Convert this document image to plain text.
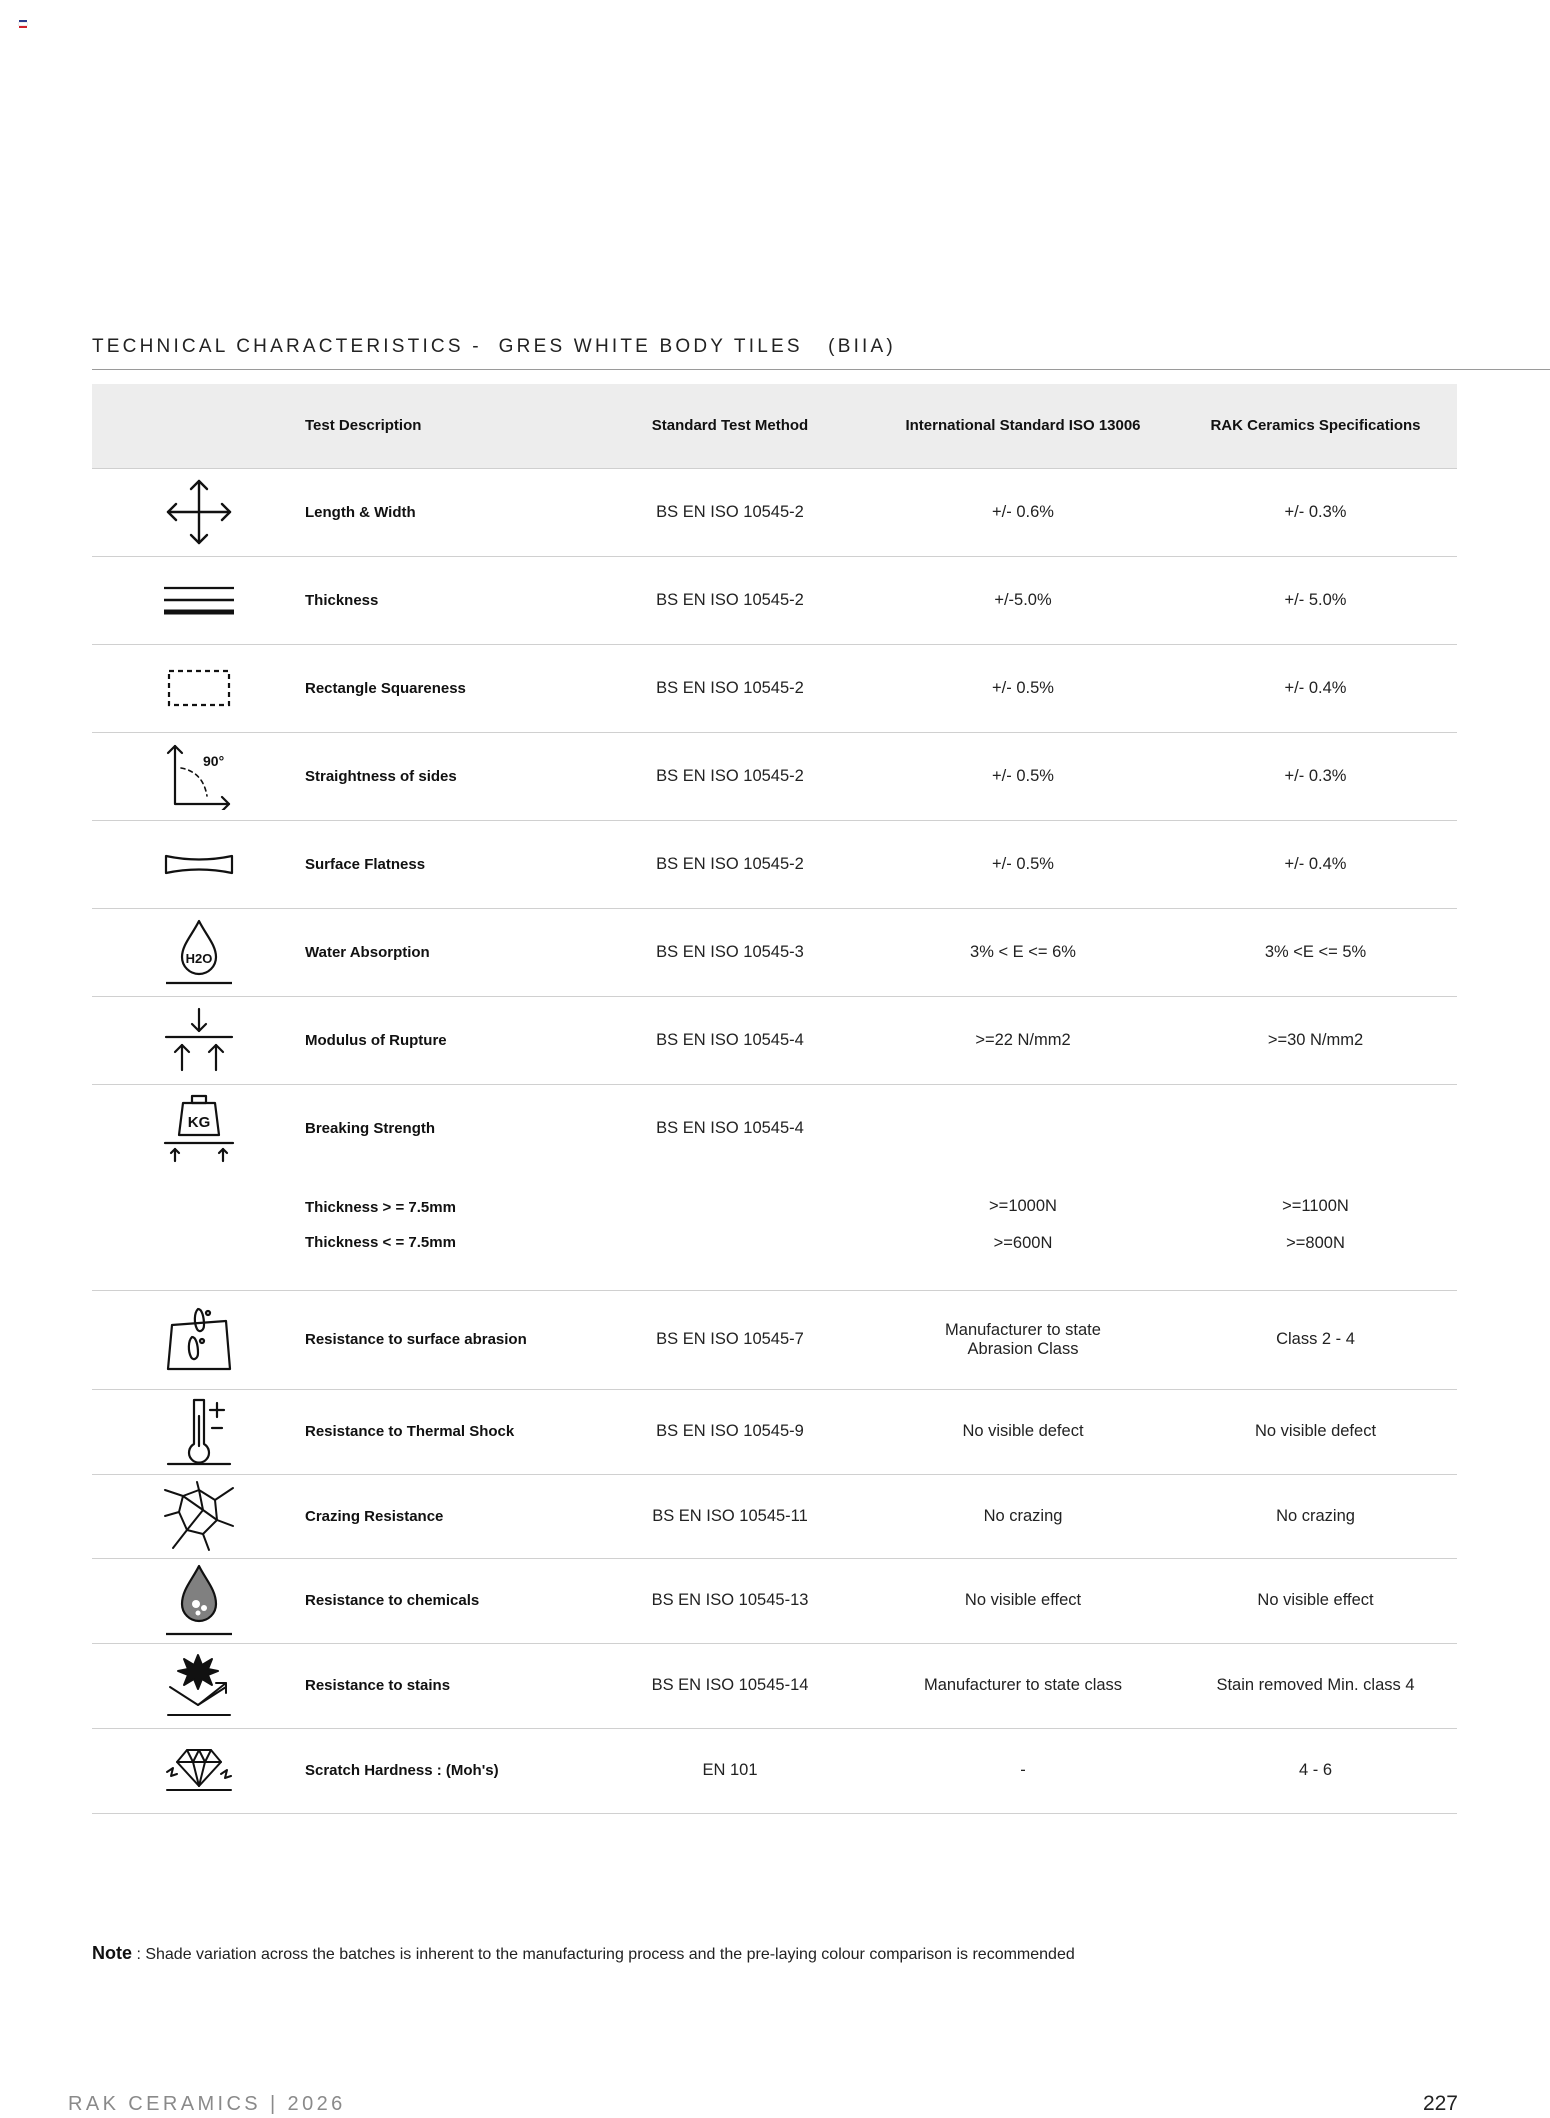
TECHNICAL CHARACTERISTICS -  GRES WHITE BODY TILES   (BIIA)
	Test Description	Standard Test Method	International Standard ISO 13006	RAK Ceramics Specifications

	Length & Width	BS EN ISO 10545-2	+/- 0.6%	+/- 0.3%

	Thickness	BS EN ISO 10545-2	+/-5.0%	+/- 5.0%

	Rectangle Squareness	BS EN ISO 10545-2	+/- 0.5%	+/- 0.4%

90°	Straightness of sides	BS EN ISO 10545-2	+/- 0.5%	+/- 0.3%

	Surface Flatness	BS EN ISO 10545-2	+/- 0.5%	+/- 0.4%

H2O	Water Absorption	BS EN ISO 10545-3	3% < E <= 6%	3% <E <= 5%

	Modulus of Rupture	BS EN ISO 10545-4	>=22 N/mm2	>=30 N/mm2

KG	Breaking Strength	BS EN ISO 10545-4		
	Thickness > = 7.5mm		>=1000N	>=1100N
	Thickness < = 7.5mm		>=600N	>=800N

	Resistance to surface abrasion	BS EN ISO 10545-7	Manufacturer to state Abrasion Class	Class 2 - 4

	Resistance to Thermal Shock	BS EN ISO 10545-9	No visible defect	No visible defect

	Crazing Resistance	BS EN ISO 10545-11	No crazing	No crazing

	Resistance to chemicals	BS EN ISO 10545-13	No visible effect	No visible effect

	Resistance to stains	BS EN ISO 10545-14	Manufacturer to state class	Stain removed Min. class 4

	Scratch Hardness : (Moh's)	EN 101	-	4 - 6
Note : Shade variation across the batches is inherent to the manufacturing process and the pre-laying colour comparison is recommended
RAK CERAMICS | 2026	227
